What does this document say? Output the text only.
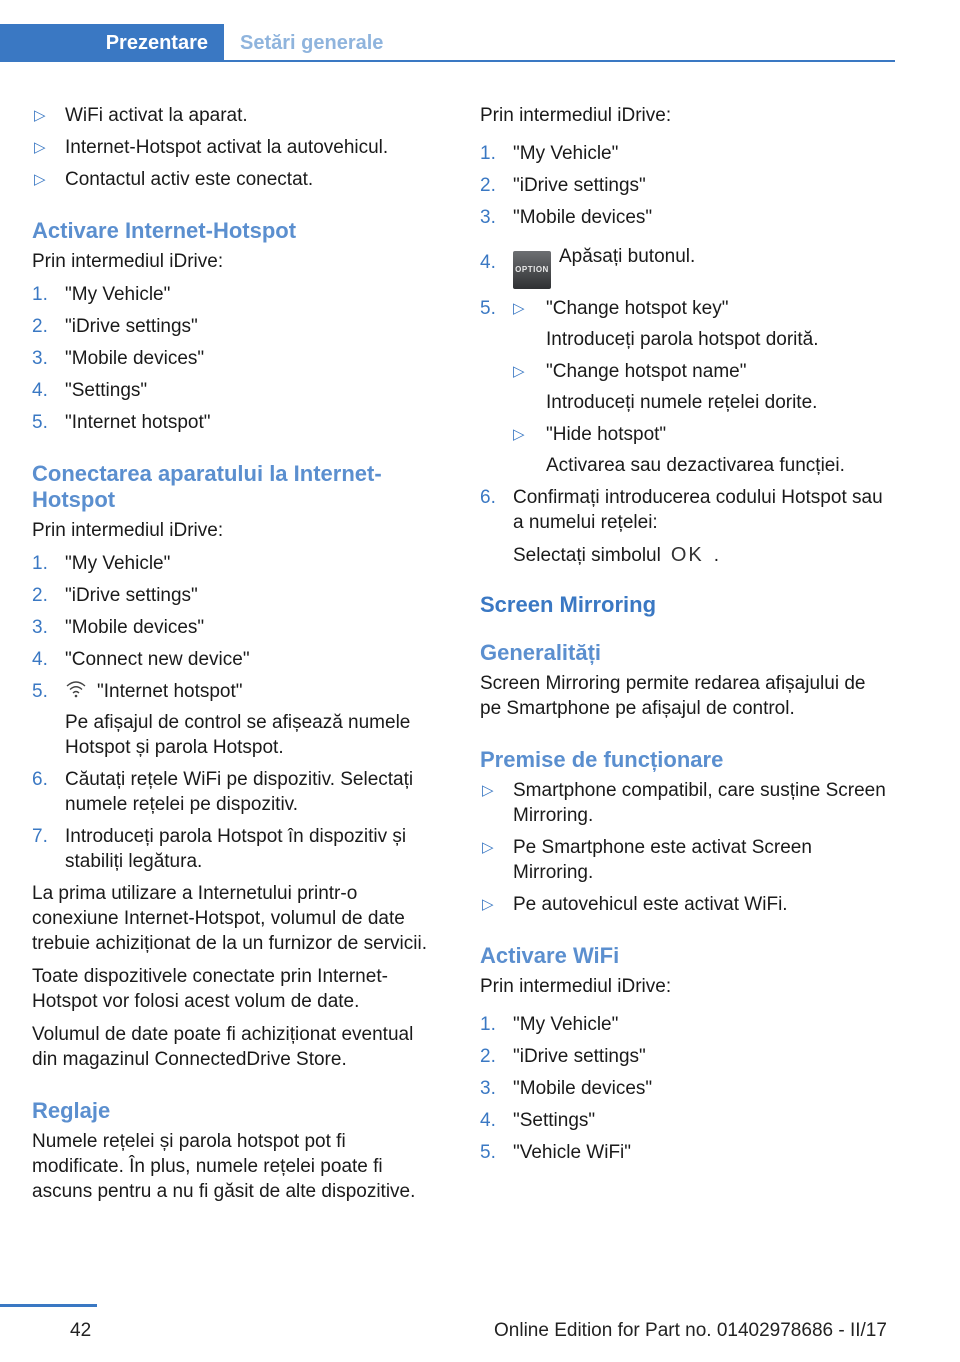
Prezentare	Setări generale
▷ WiFi activat la aparat.
▷ Internet-Hotspot activat la autovehicul.
▷ Contactul activ este conectat.
Activare Internet-Hotspot

Prin intermediul iDrive:

1. "My Vehicle"
2. "iDrive settings"
3. "Mobile devices"
4. "Settings"
5. "Internet hotspot"
Conectarea aparatului la Internet-Hotspot

Prin intermediul iDrive:

1. "My Vehicle"
2. "iDrive settings"
3. "Mobile devices"
4. "Connect new device"
5.	"Internet hotspot"
Pe afișajul de control se afișează numele Hotspot și parola Hotspot.
6. Căutați rețele WiFi pe dispozitiv. Selectați numele rețelei pe dispozitiv.
7. Introduceți parola Hotspot în dispozitiv și stabiliți legătura.

La prima utilizare a Internetului printr-o conexiune Internet-Hotspot, volumul de date trebuie achiziționat de la un furnizor de servicii.

Toate dispozitivele conectate prin Internet-Hotspot vor folosi acest volum de date.

Volumul de date poate fi achiziționat eventual din magazinul ConnectedDrive Store.

Reglaje

Numele rețelei și parola hotspot pot fi modificate. În plus, numele rețelei poate fi ascuns pentru a nu fi găsit de alte dispozitive.

Prin intermediul iDrive:

1. "My Vehicle"
2. "iDrive settings"
3. "Mobile devices"
4. OPTIONApăsați butonul.
5. ▷ "Change hotspot key"
Introduceți parola hotspot dorită.
▷ "Change hotspot name"
Introduceți numele rețelei dorite.
▷ "Hide hotspot"
Activarea sau dezactivarea funcției.
6. Confirmați introducerea codului Hotspot sau a numelui rețelei:
Selectați simbolul OK .
Screen Mirroring
Generalități

Screen Mirroring permite redarea afișajului de pe Smartphone pe afișajul de control.

Premise de funcționare
▷ Smartphone compatibil, care susține Screen Mirroring.
▷ Pe Smartphone este activat Screen Mirroring.
▷ Pe autovehicul este activat WiFi.
Activare WiFi

Prin intermediul iDrive:

1. "My Vehicle"
2. "iDrive settings"
3. "Mobile devices"
4. "Settings"
5. "Vehicle WiFi"
42	Online Edition for Part no. 01402978686 - II/17
